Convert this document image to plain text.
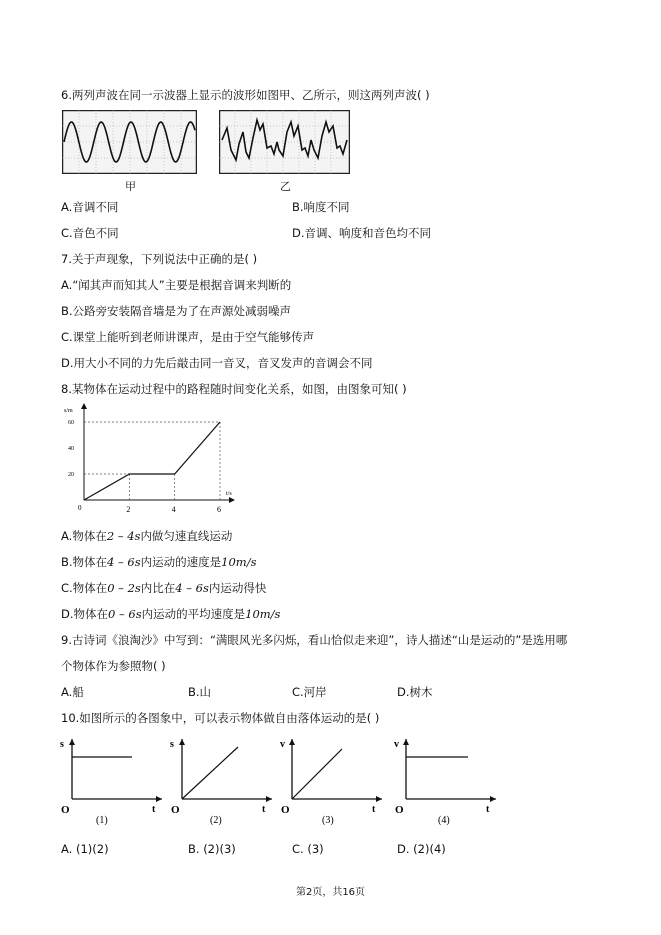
6.两列声波在同一示波器上显示的波形如图甲、乙所示，则这两列声波( )
甲	乙
A.音调不同	B.响度不同
C.音色不同	D.音调、响度和音色均不同
7.关于声现象，下列说法中正确的是( )
A.“闻其声而知其人”主要是根据音调来判断的
B.公路旁安装隔音墙是为了在声源处减弱噪声
C.课堂上能听到老师讲课声，是由于空气能够传声
D.用大小不同的力先后敲击同一音叉，音叉发声的音调会不同
8.某物体在运动过程中的路程随时间变化关系，如图，由图象可知( )
2	4	6
20
40
60
s/m
t/s
0
A.物体在2 – 4s内做匀速直线运动
B.物体在4 – 6s内运动的速度是10m/s
C.物体在0 – 2s内比在4 – 6s内运动得快
D.物体在0 – 6s内运动的平均速度是10m/s
9.古诗词《浪淘沙》中写到：“满眼风光多闪烁，看山恰似走来迎”，诗人描述“山是运动的”是选用哪
个物体作为参照物( )
A.船	B.山	C.河岸	D.树木
10.如图所示的各图象中，可以表示物体做自由落体运动的是( )
s
t
O
(1)
s
t
O
(2)
v
t
O
(3)
v
t
O
(4)
A. (1)(2)	B. (2)(3)	C. (3)	D. (2)(4)
第2页，共16页
